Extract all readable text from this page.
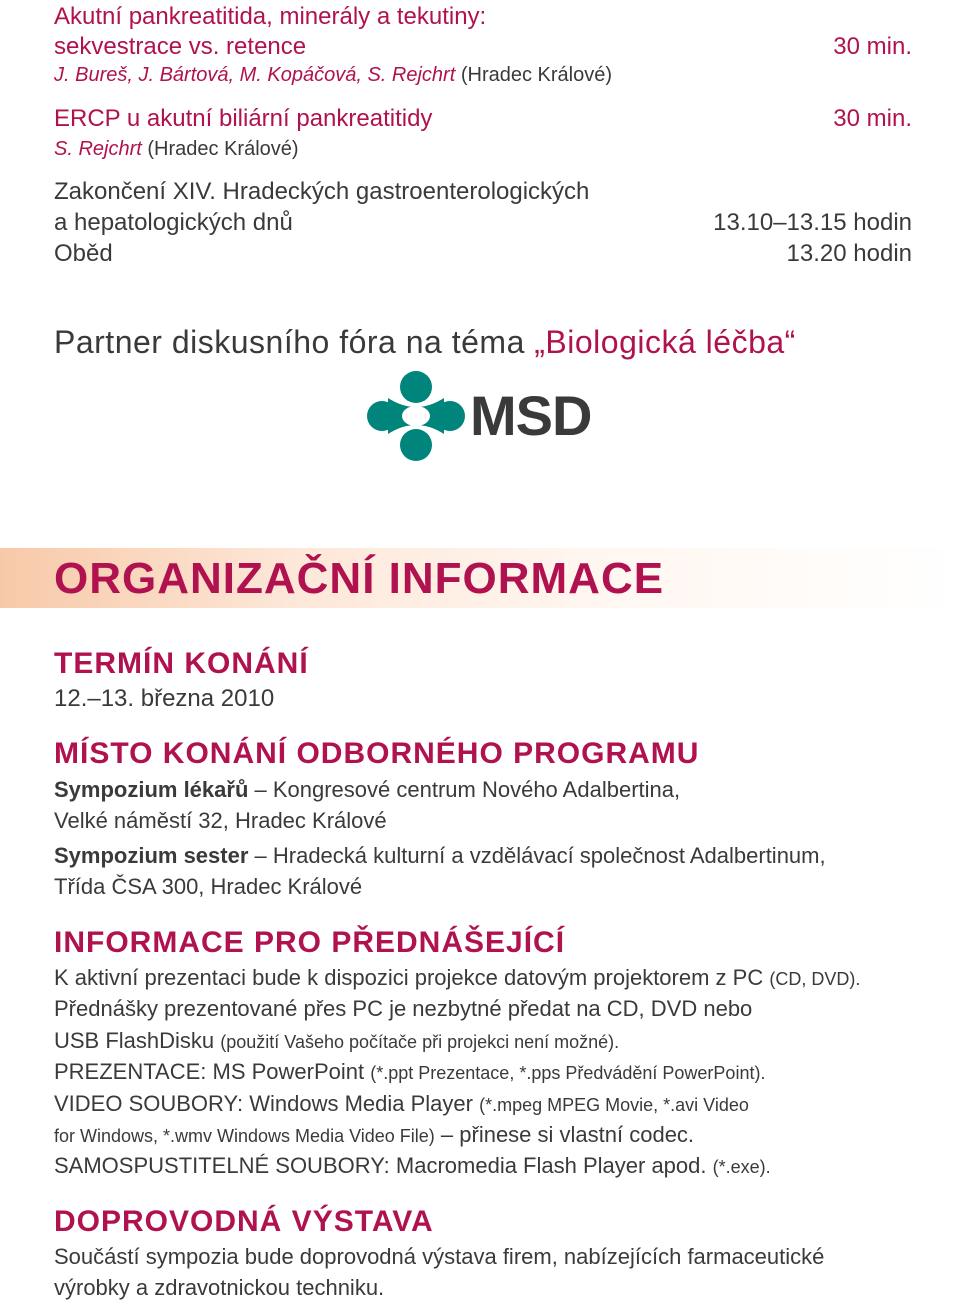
Akutní pankreatitida, minerály a tekutiny:
sekvestrace vs. retence	30 min.
J. Bureš, J. Bártová, M. Kopáčová, S. Rejchrt (Hradec Králové)
ERCP u akutní biliární pankreatitidy	30 min.
S. Rejchrt (Hradec Králové)
Zakončení XIV. Hradeckých gastroenterologických
a hepatologických dnů	13.10–13.15 hodin
Oběd	13.20 hodin
Partner diskusního fóra na téma „Biologická léčba“
MSD
ORGANIZAČNÍ INFORMACE
TERMÍN KONÁNÍ
12.–13. března 2010
MÍSTO KONÁNÍ ODBORNÉHO PROGRAMU
Sympozium lékařů – Kongresové centrum Nového Adalbertina,
Velké náměstí 32, Hradec Králové
Sympozium sester – Hradecká kulturní a vzdělávací společnost Adalbertinum,
Třída ČSA 300, Hradec Králové
INFORMACE PRO PŘEDNÁŠEJÍCÍ
K aktivní prezentaci bude k dispozici projekce datovým projektorem z PC (CD, DVD).
Přednášky prezentované přes PC je nezbytné předat na CD, DVD nebo
USB FlashDisku (použití Vašeho počítače při projekci není možné).
PREZENTACE: MS PowerPoint (*.ppt Prezentace, *.pps Předvádění PowerPoint).
VIDEO SOUBORY: Windows Media Player (*.mpeg MPEG Movie, *.avi Video
for Windows, *.wmv Windows Media Video File) – přinese si vlastní codec.
SAMOSPUSTITELNÉ SOUBORY: Macromedia Flash Player apod. (*.exe).
DOPROVODNÁ VÝSTAVA
Součástí sympozia bude doprovodná výstava firem, nabízejících farmaceutické
výrobky a zdravotnickou techniku.
